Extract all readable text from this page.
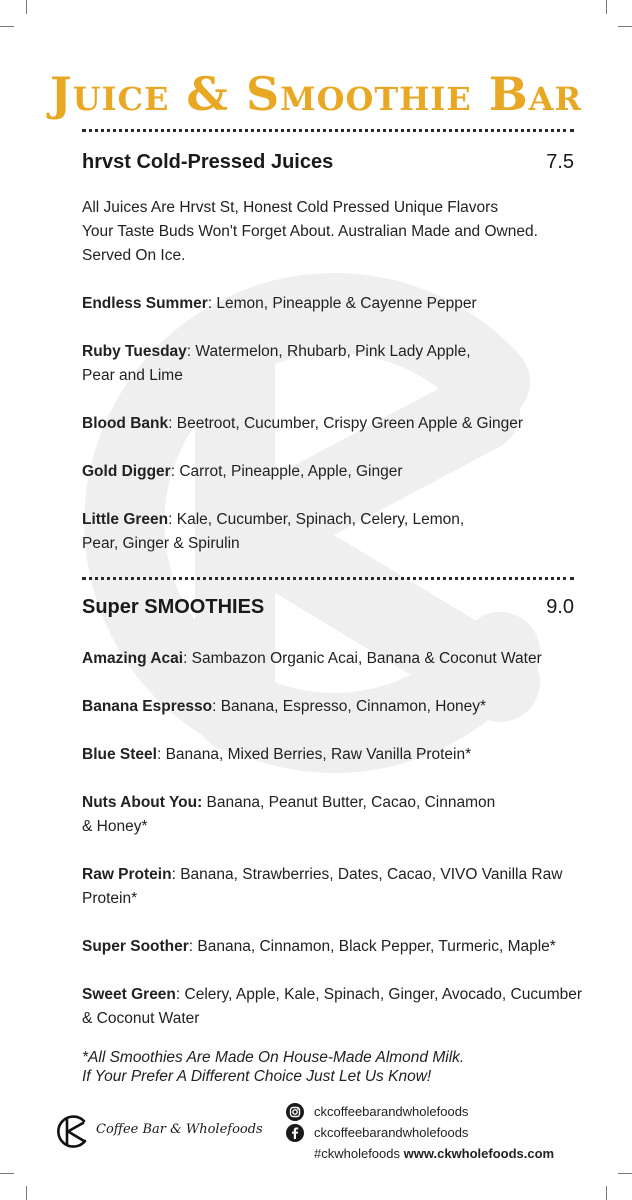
Juice & Smoothie Bar
hrvst Cold-Pressed Juices	7.5
All Juices Are Hrvst St, Honest Cold Pressed Unique Flavors
Your Taste Buds Won't Forget About. Australian Made and Owned.
Served On Ice.
Endless Summer: Lemon, Pineapple & Cayenne Pepper
Ruby Tuesday: Watermelon, Rhubarb, Pink Lady Apple,
Pear and Lime
Blood Bank: Beetroot, Cucumber, Crispy Green Apple & Ginger
Gold Digger: Carrot, Pineapple, Apple, Ginger
Little Green: Kale, Cucumber, Spinach, Celery, Lemon,
Pear, Ginger & Spirulin
Super SMOOTHIES	9.0
Amazing Acai: Sambazon Organic Acai, Banana & Coconut Water
Banana Espresso: Banana, Espresso, Cinnamon, Honey*
Blue Steel: Banana, Mixed Berries, Raw Vanilla Protein*
Nuts About You: Banana, Peanut Butter, Cacao, Cinnamon
& Honey*
Raw Protein: Banana, Strawberries, Dates, Cacao, VIVO Vanilla Raw
Protein*
Super Soother: Banana, Cinnamon, Black Pepper, Turmeric, Maple*
Sweet Green: Celery, Apple, Kale, Spinach, Ginger, Avocado, Cucumber
& Coconut Water
*All Smoothies Are Made On House-Made Almond Milk.
If Your Prefer A Different Choice Just Let Us Know!
Coffee Bar & Wholefoods
ckcoffeebarandwholefoods
ckcoffeebarandwholefoods
#ckwholefoods www.ckwholefoods.com
